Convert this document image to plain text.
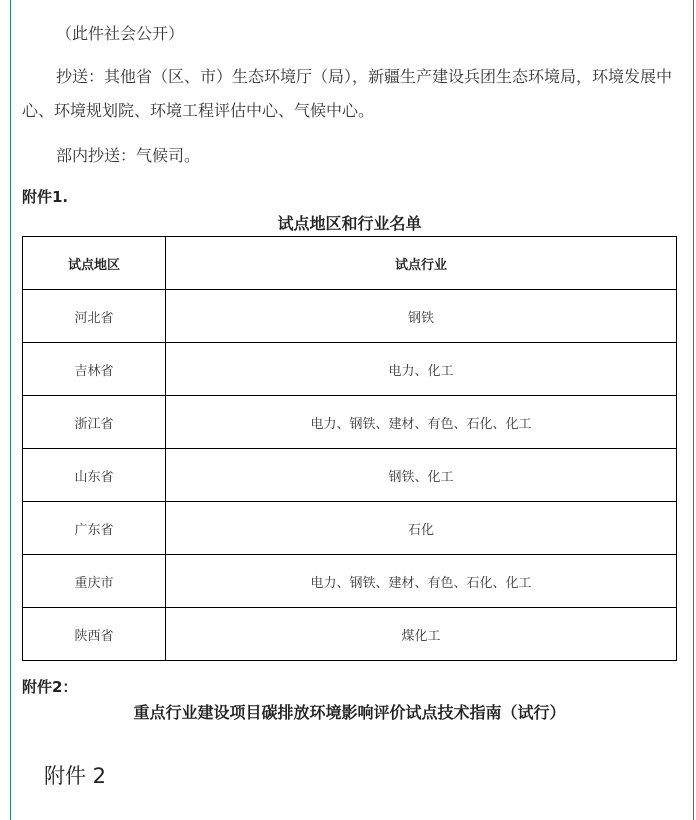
（此件社会公开）
抄送：其他省（区、市）生态环境厅（局），新疆生产建设兵团生态环境局，环境发展中心、环境规划院、环境工程评估中心、气候中心。
部内抄送：气候司。
附件1.
试点地区和行业名单
试点地区	试点行业
河北省	钢铁
吉林省	电力、化工
浙江省	电力、钢铁、建材、有色、石化、化工
山东省	钢铁、化工
广东省	石化
重庆市	电力、钢铁、建材、有色、石化、化工
陕西省	煤化工
附件2：
重点行业建设项目碳排放环境影响评价试点技术指南（试行）
附件 2
